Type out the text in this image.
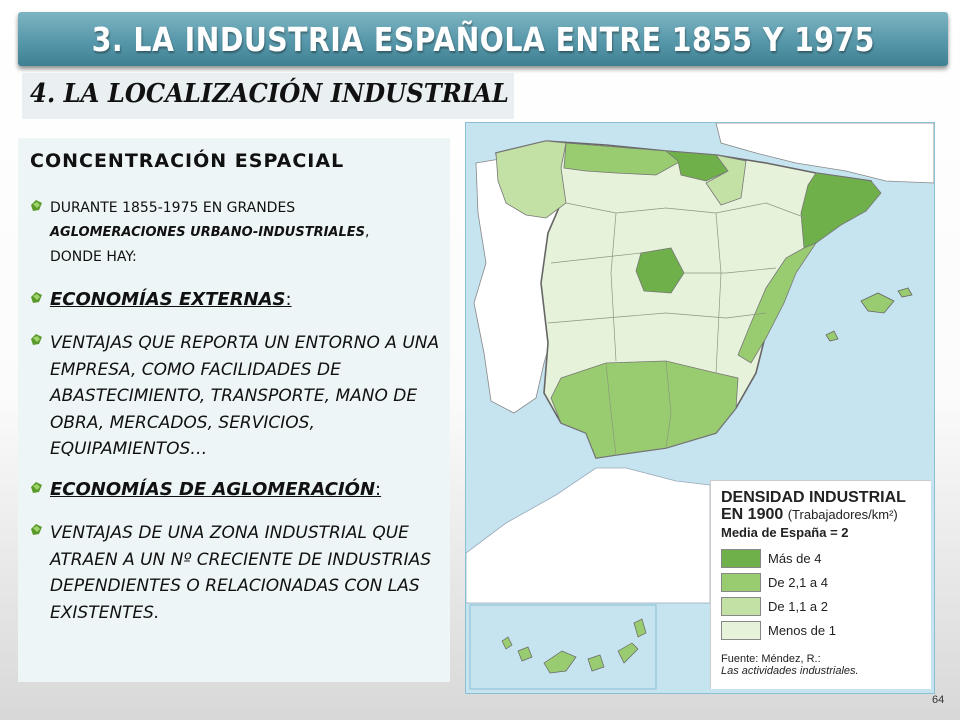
3. LA INDUSTRIA ESPAÑOLA ENTRE 1855 Y 1975
4. LA LOCALIZACIÓN INDUSTRIAL
CONCENTRACIÓN ESPACIAL
DURANTE 1855-1975 EN GRANDES
AGLOMERACIONES URBANO-INDUSTRIALES,
DONDE HAY:
ECONOMÍAS EXTERNAS:
VENTAJAS QUE REPORTA UN ENTORNO A UNA EMPRESA, COMO FACILIDADES DE ABASTECIMIENTO, TRANSPORTE, MANO DE OBRA, MERCADOS, SERVICIOS, EQUIPAMIENTOS…
ECONOMÍAS DE AGLOMERACIÓN:
VENTAJAS DE UNA ZONA INDUSTRIAL QUE ATRAEN A UN Nº CRECIENTE DE INDUSTRIAS DEPENDIENTES O RELACIONADAS CON LAS EXISTENTES.
DENSIDAD INDUSTRIAL
EN 1900 (Trabajadores/km²)
Media de España = 2
Más de 4
De 2,1 a 4
De 1,1 a 2
Menos de 1
Fuente: Méndez, R.:
Las actividades industriales.
64
